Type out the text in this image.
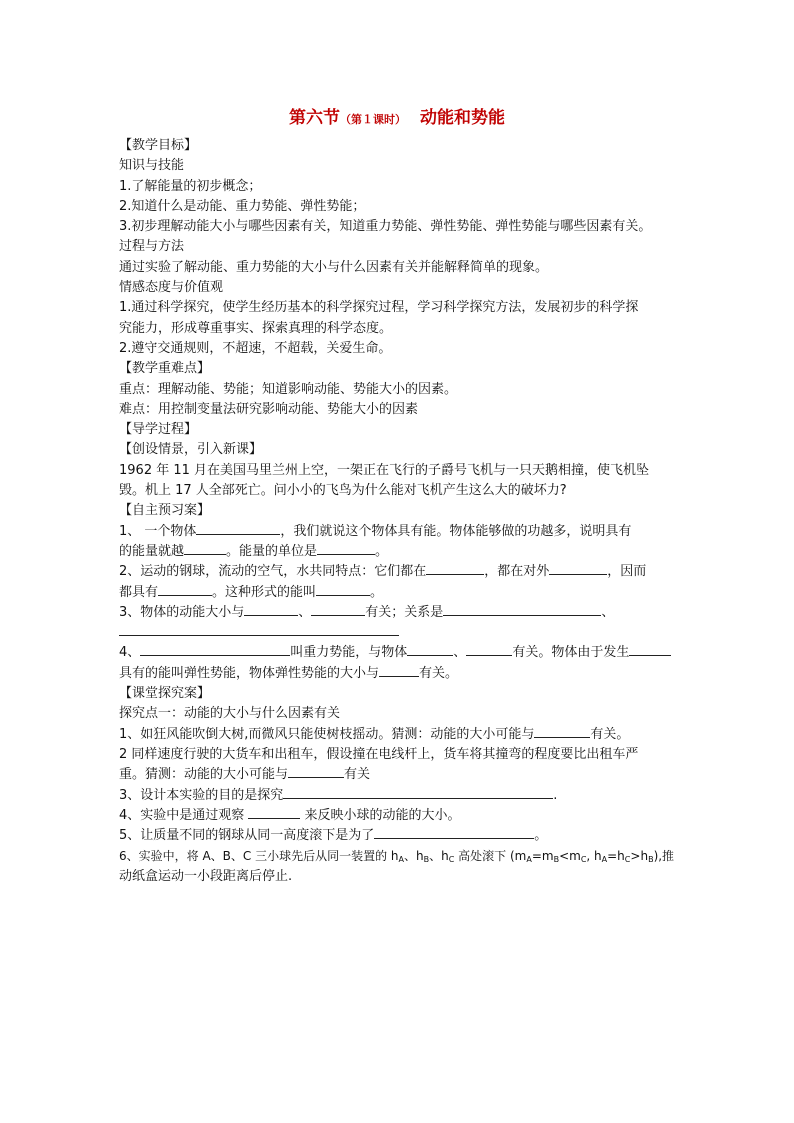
第六节（第１课时） 动能和势能
【教学目标】
知识与技能
1.了解能量的初步概念；
2.知道什么是动能、重力势能、弹性势能；
3.初步理解动能大小与哪些因素有关，知道重力势能、弹性势能、弹性势能与哪些因素有关。
过程与方法
通过实验了解动能、重力势能的大小与什么因素有关并能解释简单的现象。
情感态度与价值观
1.通过科学探究，使学生经历基本的科学探究过程，学习科学探究方法，发展初步的科学探
究能力，形成尊重事实、探索真理的科学态度。
2.遵守交通规则，不超速，不超载，关爱生命。
【教学重难点】
重点：理解动能、势能；知道影响动能、势能大小的因素。
难点：用控制变量法研究影响动能、势能大小的因素
【导学过程】
【创设情景，引入新课】
1962 年 11 月在美国马里兰州上空，一架正在飞行的子爵号飞机与一只天鹅相撞，使飞机坠
毁。机上 17 人全部死亡。问小小的飞鸟为什么能对飞机产生这么大的破坏力?
【自主预习案】
1、 一个物体	，我们就说这个物体具有能。物体能够做的功越多，说明具有
的能量就越	。能量的单位是	。
2、运动的钢球，流动的空气，水共同特点：它们都在	，都在对外	，因而
都具有	。这种形式的能叫	。
3、物体的动能大小与	、	有关；关系是	、
4、	叫重力势能，与物体	、	有关。物体由于发生
具有的能叫弹性势能，物体弹性势能的大小与	有关。
【课堂探究案】
探究点一：动能的大小与什么因素有关
1、如狂风能吹倒大树,而微风只能使树枝摇动。猜测：动能的大小可能与	有关。
2 同样速度行驶的大货车和出租车，假设撞在电线杆上，货车将其撞弯的程度要比出租车严
重。猜测：动能的大小可能与	有关
3、设计本实验的目的是探究	.
4、实验中是通过观察	来反映小球的动能的大小。
5、让质量不同的钢球从同一高度滚下是为了	。
6、实验中，将 A、B、C 三小球先后从同一装置的 $h_A$、$h_B$、$h_C$ 高处滚下 ($m_A=m_B<m_C$, $h_A=h_C>h_B$),推
动纸盒运动一小段距离后停止.
